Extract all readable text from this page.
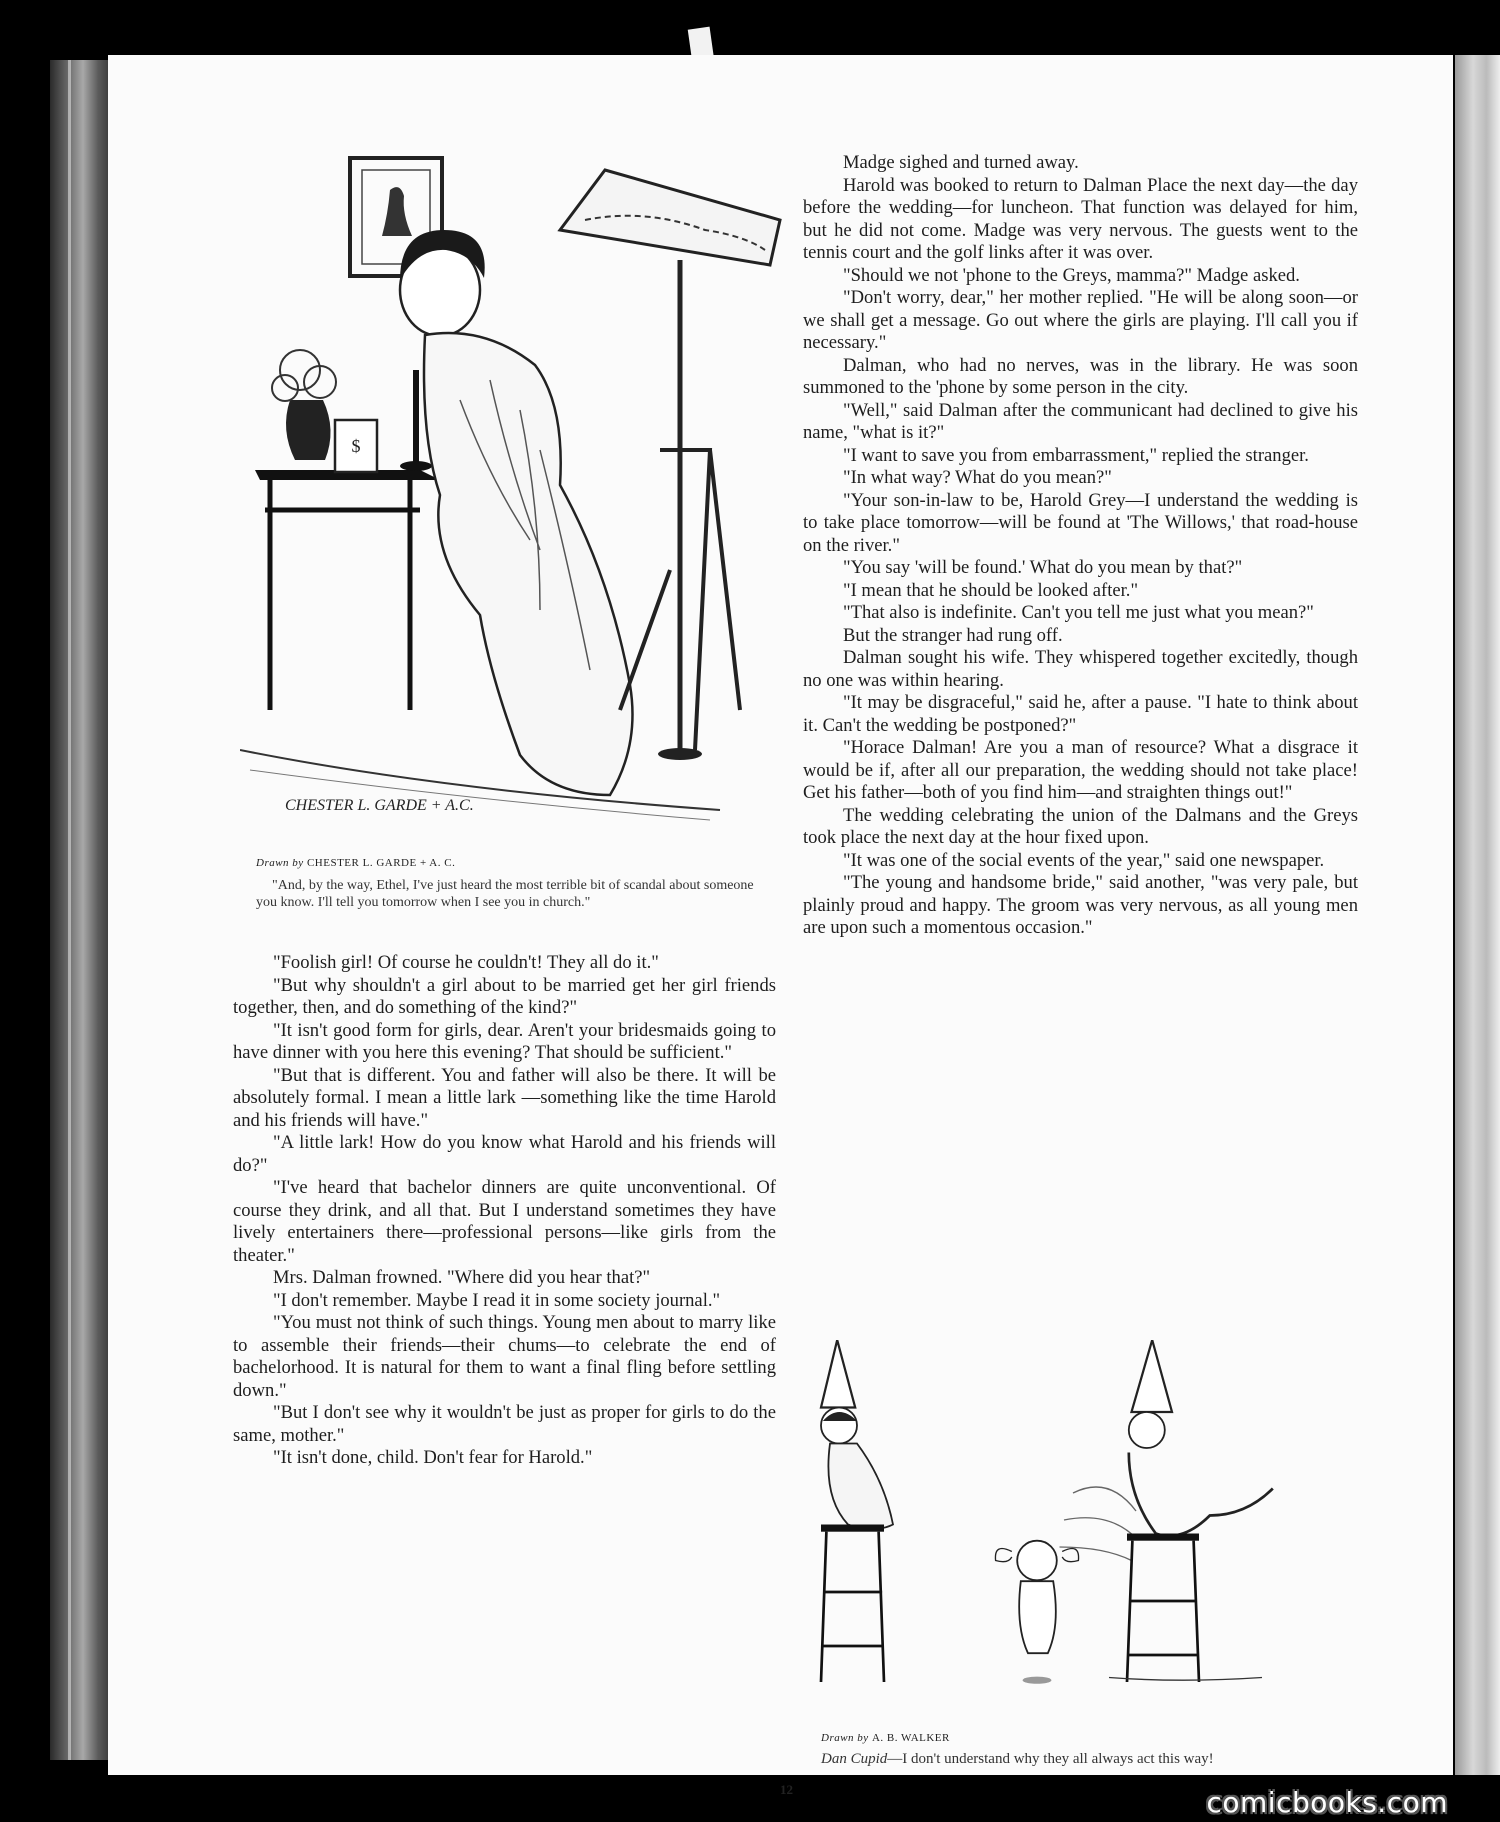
$
CHESTER L. GARDE + A.C.
Drawn by CHESTER L. GARDE + A. C.
"And, by the way, Ethel, I've just heard the most terrible bit of scandal about someone you know. I'll tell you tomorrow when I see you in church."

"Foolish girl! Of course he couldn't! They all do it."

"But why shouldn't a girl about to be married get her girl friends together, then, and do something of the kind?"

"It isn't good form for girls, dear. Aren't your bridesmaids going to have dinner with you here this evening? That should be sufficient."

"But that is different. You and father will also be there. It will be absolutely formal. I mean a little lark —something like the time Harold and his friends will have."

"A little lark! How do you know what Harold and his friends will do?"

"I've heard that bachelor dinners are quite unconventional. Of course they drink, and all that. But I understand sometimes they have lively entertainers there—professional persons—like girls from the theater."

Mrs. Dalman frowned. "Where did you hear that?"

"I don't remember. Maybe I read it in some society journal."

"You must not think of such things. Young men about to marry like to assemble their friends—their chums—to celebrate the end of bachelorhood. It is natural for them to want a final fling before settling down."

"But I don't see why it wouldn't be just as proper for girls to do the same, mother."

"It isn't done, child. Don't fear for Harold."

Madge sighed and turned away.

Harold was booked to return to Dalman Place the next day—the day before the wedding—for luncheon. That function was delayed for him, but he did not come. Madge was very nervous. The guests went to the tennis court and the golf links after it was over.

"Should we not 'phone to the Greys, mamma?" Madge asked.

"Don't worry, dear," her mother replied. "He will be along soon—or we shall get a message. Go out where the girls are playing. I'll call you if necessary."

Dalman, who had no nerves, was in the library. He was soon summoned to the 'phone by some person in the city.

"Well," said Dalman after the communicant had declined to give his name, "what is it?"

"I want to save you from embarrassment," replied the stranger.

"In what way? What do you mean?"

"Your son-in-law to be, Harold Grey—I understand the wedding is to take place tomorrow—will be found at 'The Willows,' that road-house on the river."

"You say 'will be found.' What do you mean by that?"

"I mean that he should be looked after."

"That also is indefinite. Can't you tell me just what you mean?"

But the stranger had rung off.

Dalman sought his wife. They whispered together excitedly, though no one was within hearing.

"It may be disgraceful," said he, after a pause. "I hate to think about it. Can't the wedding be postponed?"

"Horace Dalman! Are you a man of resource? What a disgrace it would be if, after all our preparation, the wedding should not take place! Get his father—both of you find him—and straighten things out!"

The wedding celebrating the union of the Dalmans and the Greys took place the next day at the hour fixed upon.

"It was one of the social events of the year," said one newspaper.

"The young and handsome bride," said another, "was very pale, but plainly proud and happy. The groom was very nervous, as all young men are upon such a momentous occasion."

Drawn by A. B. WALKER
Dan Cupid—I don't understand why they all always act this way!
12	comicbooks.com
